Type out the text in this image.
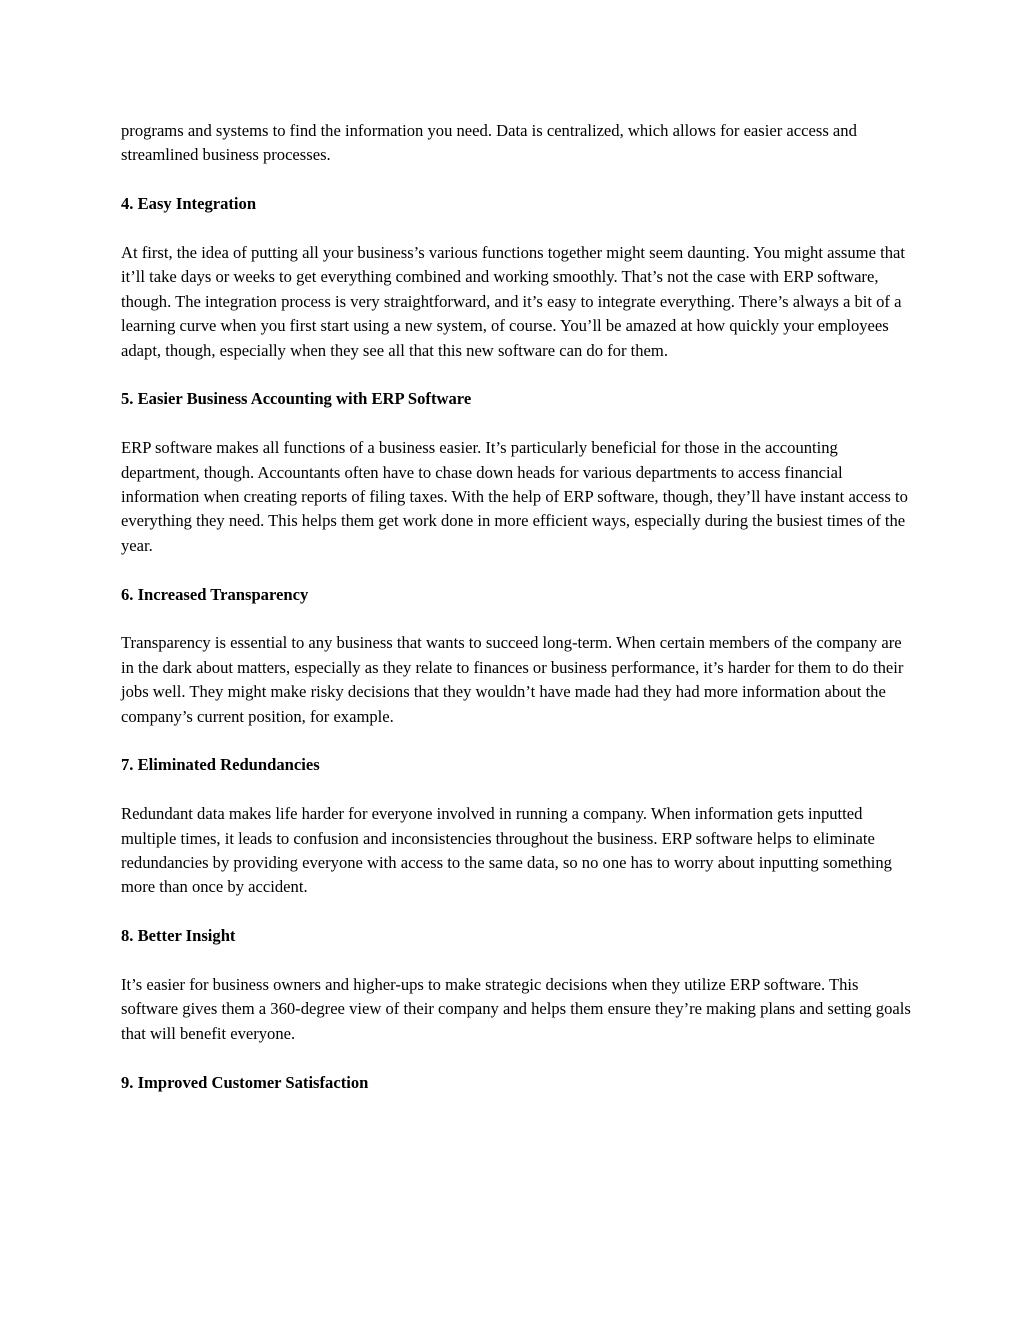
programs and systems to find the information you need. Data is centralized, which allows for easier access and streamlined business processes.

4. Easy Integration

At first, the idea of putting all your business’s various functions together might seem daunting. You might assume that it’ll take days or weeks to get everything combined and working smoothly. That’s not the case with ERP software, though. The integration process is very straightforward, and it’s easy to integrate everything. There’s always a bit of a learning curve when you first start using a new system, of course. You’ll be amazed at how quickly your employees adapt, though, especially when they see all that this new software can do for them.

5. Easier Business Accounting with ERP Software

ERP software makes all functions of a business easier. It’s particularly beneficial for those in the accounting department, though. Accountants often have to chase down heads for various departments to access financial information when creating reports of filing taxes. With the help of ERP software, though, they’ll have instant access to everything they need. This helps them get work done in more efficient ways, especially during the busiest times of the year.

6. Increased Transparency

Transparency is essential to any business that wants to succeed long-term. When certain members of the company are in the dark about matters, especially as they relate to finances or business performance, it’s harder for them to do their jobs well. They might make risky decisions that they wouldn’t have made had they had more information about the company’s current position, for example.

7. Eliminated Redundancies

Redundant data makes life harder for everyone involved in running a company. When information gets inputted multiple times, it leads to confusion and inconsistencies throughout the business. ERP software helps to eliminate redundancies by providing everyone with access to the same data, so no one has to worry about inputting something more than once by accident.

8. Better Insight

It’s easier for business owners and higher-ups to make strategic decisions when they utilize ERP software. This software gives them a 360-degree view of their company and helps them ensure they’re making plans and setting goals that will benefit everyone.

9. Improved Customer Satisfaction
